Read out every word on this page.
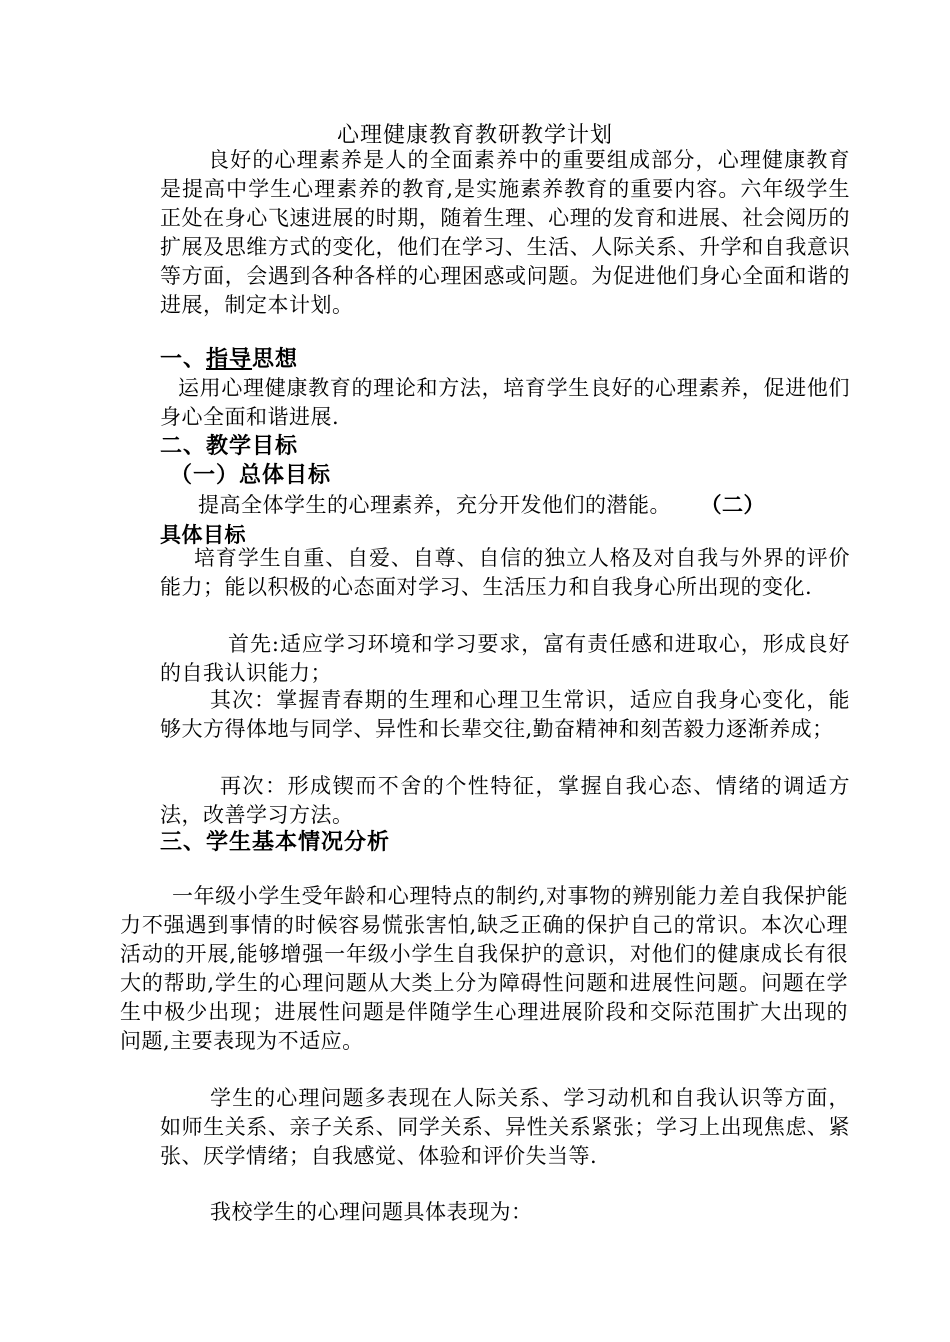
心理健康教育教研教学计划

良好的心理素养是人的全面素养中的重要组成部分，心理健康教育是提高中学生心理素养的教育,是实施素养教育的重要内容。六年级学生正处在身心飞速进展的时期，随着生理、心理的发育和进展、社会阅历的扩展及思维方式的变化，他们在学习、生活、人际关系、升学和自我意识等方面，会遇到各种各样的心理困惑或问题。为促进他们身心全面和谐的进展，制定本计划。

一、指导思想

运用心理健康教育的理论和方法，培育学生良好的心理素养，促进他们身心全面和谐进展.

二、教学目标
（一）总体目标

提高全体学生的心理素养，充分开发他们的潜能。 （二）
具体目标

培育学生自重、自爱、自尊、自信的独立人格及对自我与外界的评价能力；能以积极的心态面对学习、生活压力和自我身心所出现的变化.

首先:适应学习环境和学习要求，富有责任感和进取心，形成良好的自我认识能力；

其次：掌握青春期的生理和心理卫生常识，适应自我身心变化，能够大方得体地与同学、异性和长辈交往,勤奋精神和刻苦毅力逐渐养成；

再次：形成锲而不舍的个性特征，掌握自我心态、情绪的调适方法，改善学习方法。

三、学生基本情况分析

一年级小学生受年龄和心理特点的制约,对事物的辨别能力差自我保护能力不强遇到事情的时候容易慌张害怕,缺乏正确的保护自己的常识。本次心理活动的开展,能够增强一年级小学生自我保护的意识，对他们的健康成长有很大的帮助,学生的心理问题从大类上分为障碍性问题和进展性问题。问题在学生中极少出现；进展性问题是伴随学生心理进展阶段和交际范围扩大出现的问题,主要表现为不适应。

学生的心理问题多表现在人际关系、学习动机和自我认识等方面，如师生关系、亲子关系、同学关系、异性关系紧张；学习上出现焦虑、紧张、厌学情绪；自我感觉、体验和评价失当等.

我校学生的心理问题具体表现为：
